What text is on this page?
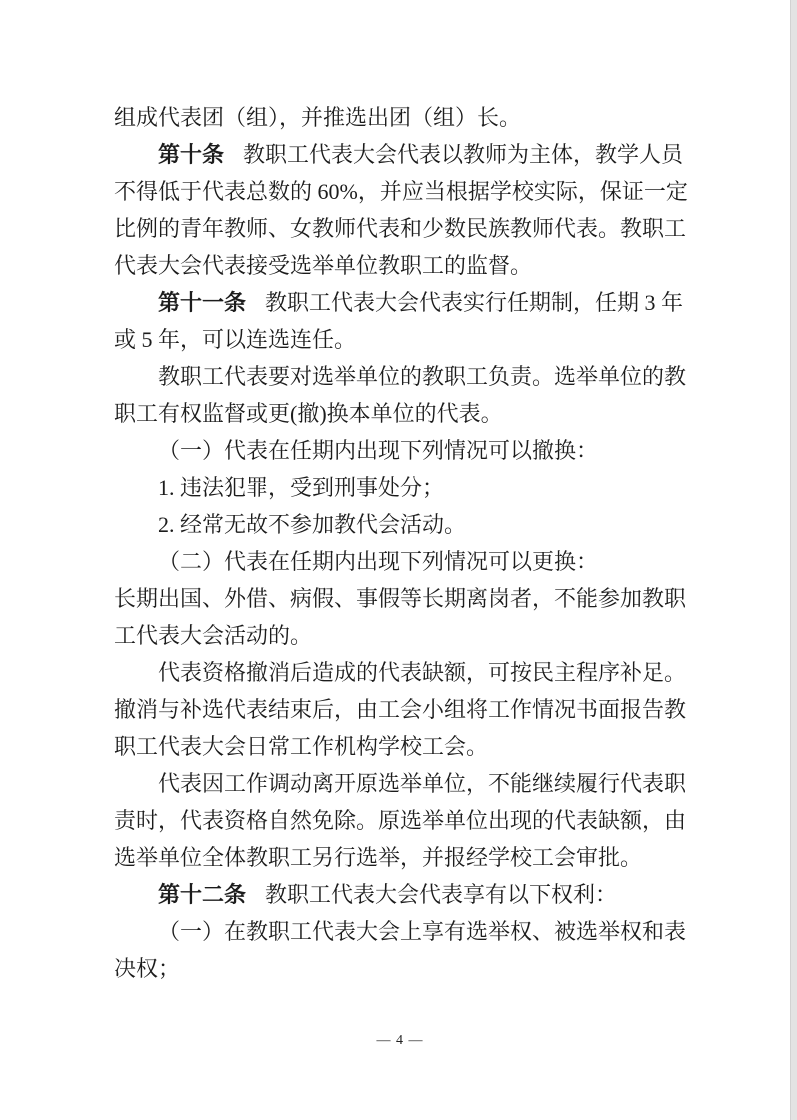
组成代表团（组），并推选出团（组）长。
第十条 教职工代表大会代表以教师为主体，教学人员
不得低于代表总数的 60%，并应当根据学校实际，保证一定
比例的青年教师、女教师代表和少数民族教师代表。教职工
代表大会代表接受选举单位教职工的监督。
第十一条 教职工代表大会代表实行任期制，任期 3 年
或 5 年，可以连选连任。
教职工代表要对选举单位的教职工负责。选举单位的教
职工有权监督或更(撤)换本单位的代表。
（一）代表在任期内出现下列情况可以撤换：
1. 违法犯罪，受到刑事处分；
2. 经常无故不参加教代会活动。
（二）代表在任期内出现下列情况可以更换：
长期出国、外借、病假、事假等长期离岗者，不能参加教职
工代表大会活动的。
代表资格撤消后造成的代表缺额，可按民主程序补足。
撤消与补选代表结束后，由工会小组将工作情况书面报告教
职工代表大会日常工作机构学校工会。
代表因工作调动离开原选举单位，不能继续履行代表职
责时，代表资格自然免除。原选举单位出现的代表缺额，由
选举单位全体教职工另行选举，并报经学校工会审批。
第十二条 教职工代表大会代表享有以下权利：
（一）在教职工代表大会上享有选举权、被选举权和表
决权；
— 4 —
